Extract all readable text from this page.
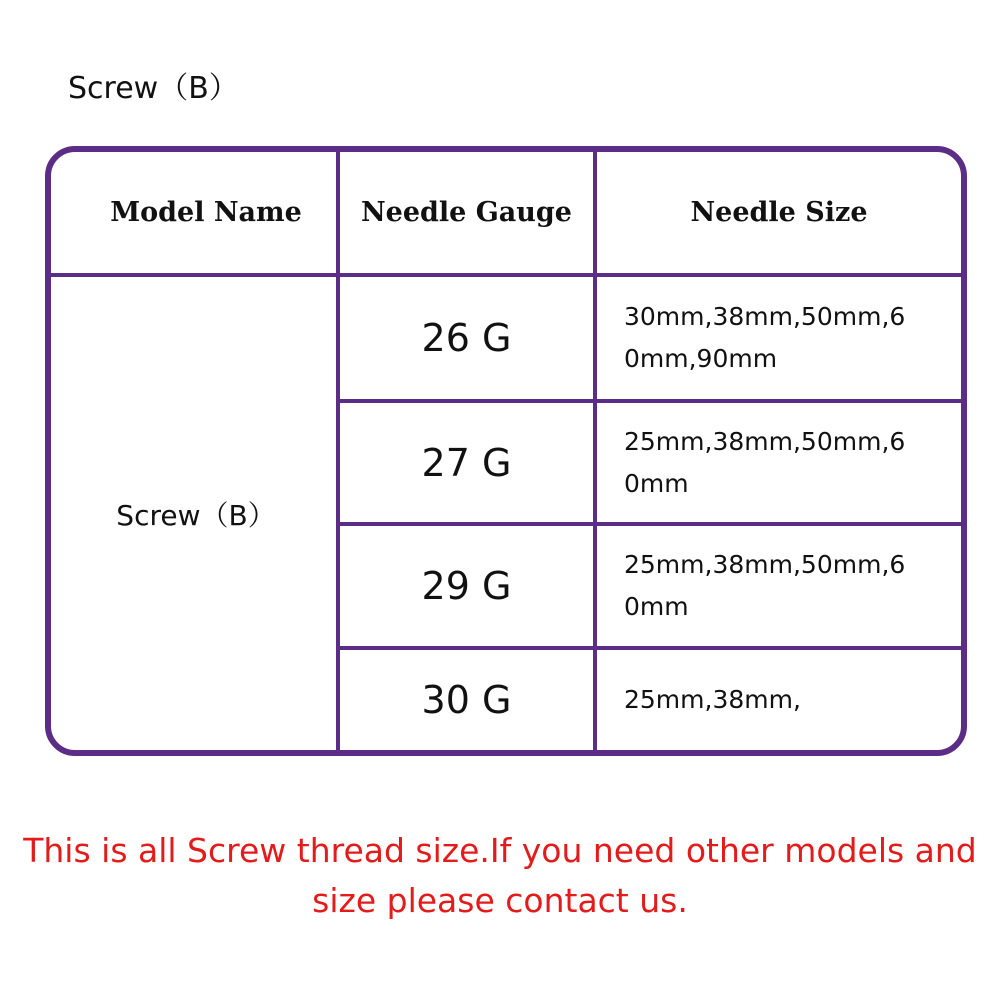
Screw（B）
Model Name	Needle Gauge	Needle Size
Screw（B）
26 G	30mm,38mm,50mm,60mm,90mm
27 G	25mm,38mm,50mm,60mm
29 G	25mm,38mm,50mm,60mm
30 G	25mm,38mm,
This is all Screw thread size.If you need other models and
size please contact us.
